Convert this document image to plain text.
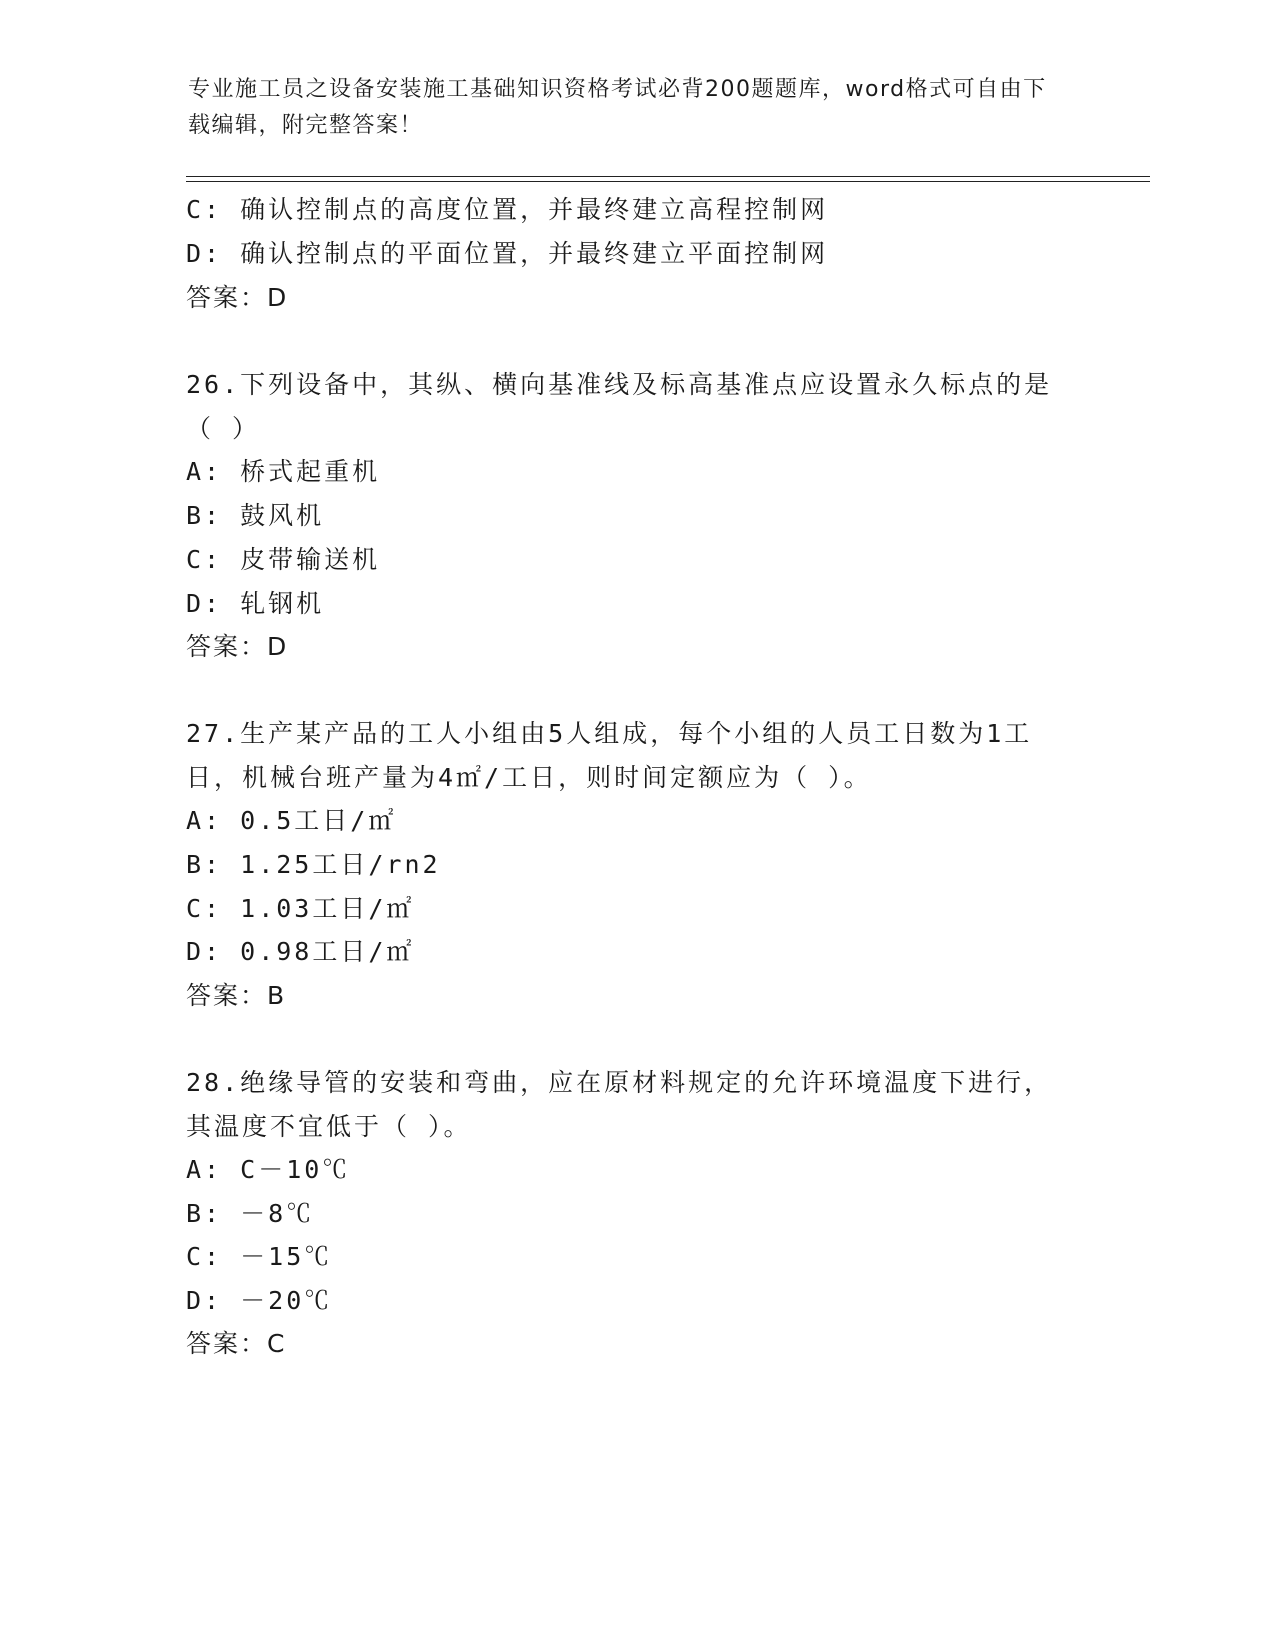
专业施工员之设备安装施工基础知识资格考试必背200题题库，word格式可自由下载编辑，附完整答案！
C: 确认控制点的高度位置，并最终建立高程控制网
D: 确认控制点的平面位置，并最终建立平面控制网
答案：D
26.下列设备中，其纵、横向基准线及标高基准点应设置永久标点的是
（ ）
A: 桥式起重机
B: 鼓风机
C: 皮带输送机
D: 轧钢机
答案：D
27.生产某产品的工人小组由5人组成，每个小组的人员工日数为1工
日，机械台班产量为4㎡/工日，则时间定额应为（ ）。
A: 0.5工日/㎡
B: 1.25工日/rn2
C: 1.03工日/㎡
D: 0.98工日/㎡
答案：B
28.绝缘导管的安装和弯曲，应在原材料规定的允许环境温度下进行，
其温度不宜低于（ ）。
A: C－10℃
B: －8℃
C: －15℃
D: －20℃
答案：C
